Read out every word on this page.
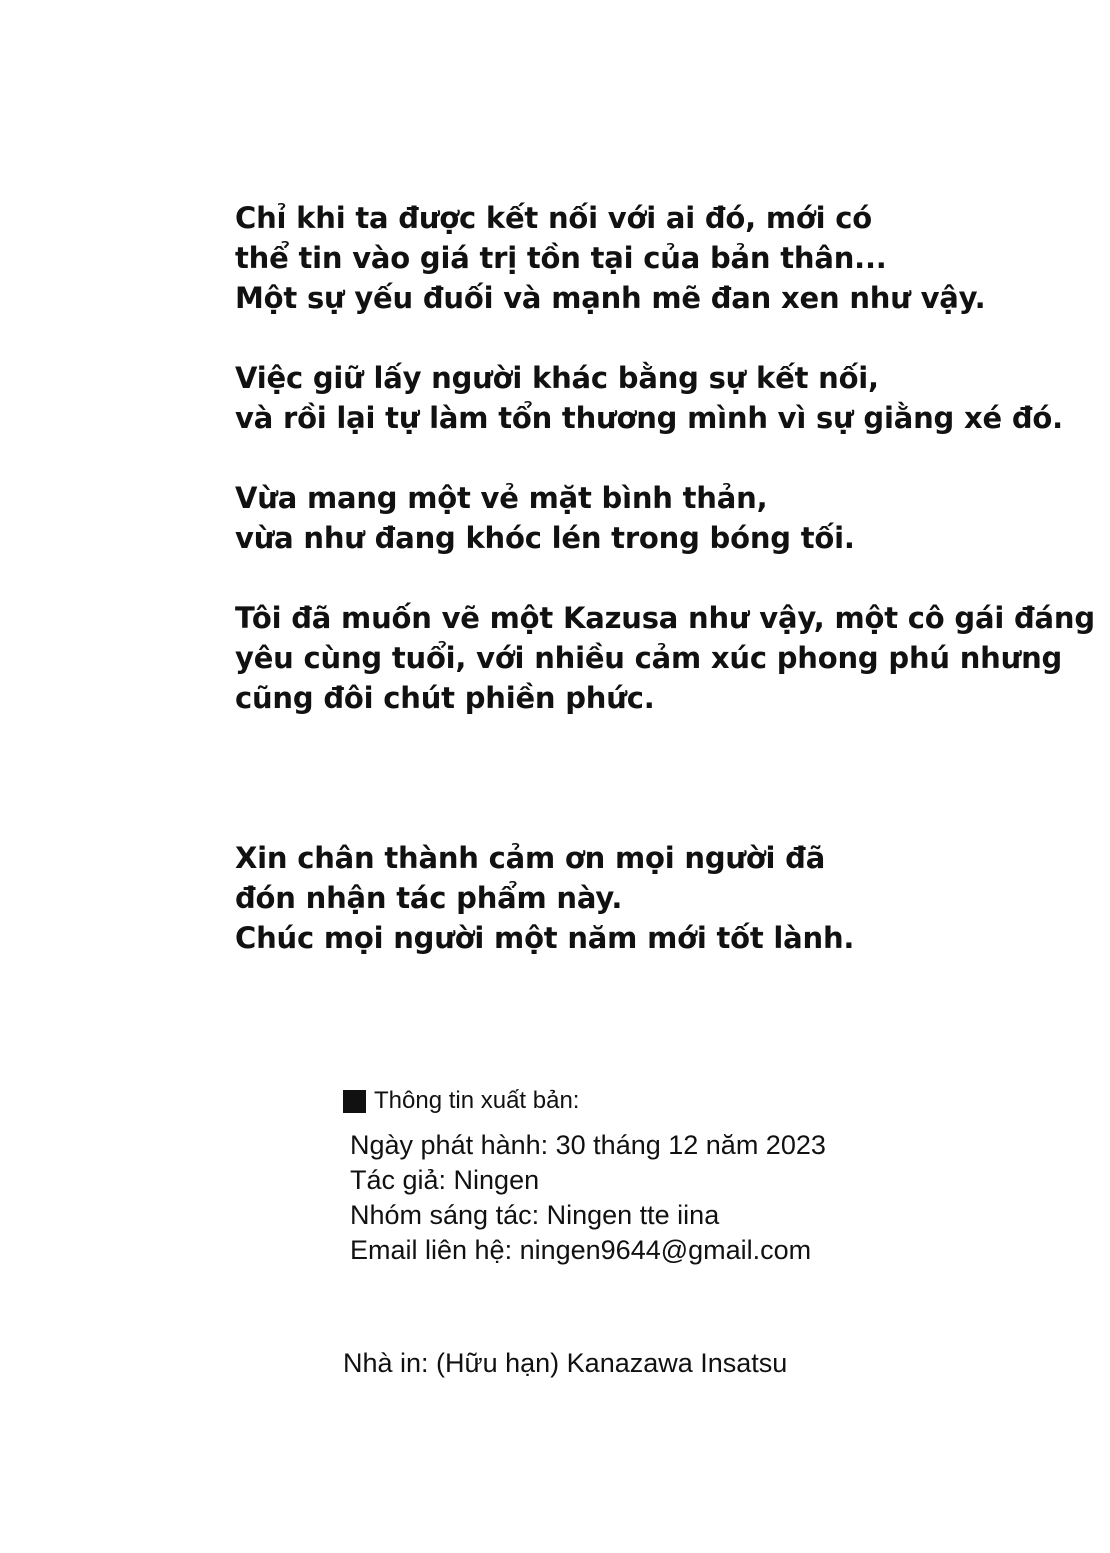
Chỉ khi ta được kết nối với ai đó, mới có
thể tin vào giá trị tồn tại của bản thân...
Một sự yếu đuối và mạnh mẽ đan xen như vậy.
Việc giữ lấy người khác bằng sự kết nối,
và rồi lại tự làm tổn thương mình vì sự giằng xé đó.
Vừa mang một vẻ mặt bình thản,
vừa như đang khóc lén trong bóng tối.
Tôi đã muốn vẽ một Kazusa như vậy, một cô gái đáng
yêu cùng tuổi, với nhiều cảm xúc phong phú nhưng
cũng đôi chút phiền phức.
Xin chân thành cảm ơn mọi người đã
đón nhận tác phẩm này.
Chúc mọi người một năm mới tốt lành.
Thông tin xuất bản:
Ngày phát hành: 30 tháng 12 năm 2023
Tác giả: Ningen
Nhóm sáng tác: Ningen tte iina
Email liên hệ: ningen9644@gmail.com
Nhà in: (Hữu hạn) Kanazawa Insatsu
